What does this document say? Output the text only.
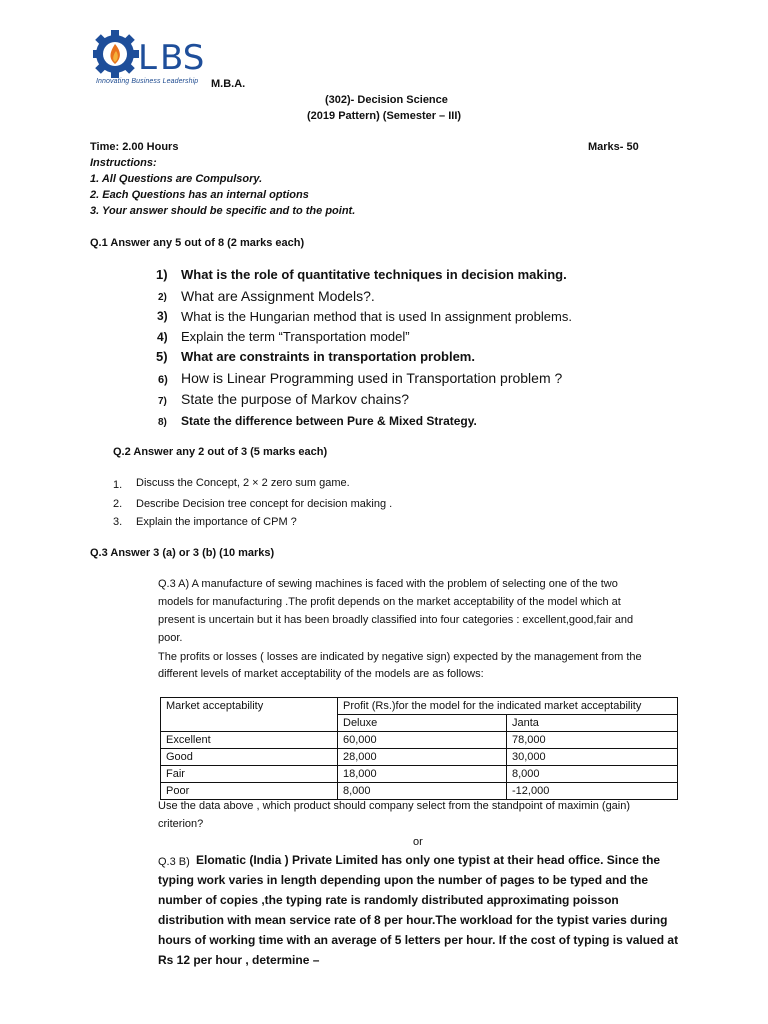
L BS
Innovating Business Leadership M.B.A.
(302)- Decision Science
(2019 Pattern) (Semester – III)
Time: 2.00 Hours	Marks- 50
Instructions:
1. All Questions are Compulsory.
2. Each Questions has an internal options
3. Your answer should be specific and to the point.
Q.1 Answer any 5 out of 8 (2 marks each)
1) What is the role of quantitative techniques in decision making.
2) What are Assignment Models?.
3) What is the Hungarian method that is used In assignment problems.
4) Explain the term “Transportation model”
5) What are constraints in transportation problem.
6) How is Linear Programming used in Transportation problem ?
7) State the purpose of Markov chains?
8) State the difference between Pure & Mixed Strategy.
Q.2 Answer any 2 out of 3 (5 marks each)
1. Discuss the Concept, 2 × 2 zero sum game.
2. Describe Decision tree concept for decision making .
3. Explain the importance of CPM ?
Q.3 Answer 3 (a) or 3 (b) (10 marks)
Q.3 A) A manufacture of sewing machines is faced with the problem of selecting one of the two
models for manufacturing .The profit depends on the market acceptability of the model which at
present is uncertain but it has been broadly classified into four categories : excellent,good,fair and
poor.
The profits or losses ( losses are indicated by negative sign) expected by the management from the
different levels of market acceptability of the models are as follows:
Market acceptability	Profit (Rs.)for the model for the indicated market acceptability	
	Deluxe	Janta
Excellent	60,000	78,000
Good	28,000	30,000
Fair	18,000	8,000
Poor	8,000	-12,000
Use the data above , which product should company select from the standpoint of maximin (gain)
criterion?
or
Q.3 B) Elomatic (India ) Private Limited has only one typist at their head office. Since the
typing work varies in length depending upon the number of pages to be typed and the
number of copies ,the typing rate is randomly distributed approximating poisson
distribution with mean service rate of 8 per hour.The workload for the typist varies during
hours of working time with an average of 5 letters per hour. If the cost of typing is valued at
Rs 12 per hour , determine –
